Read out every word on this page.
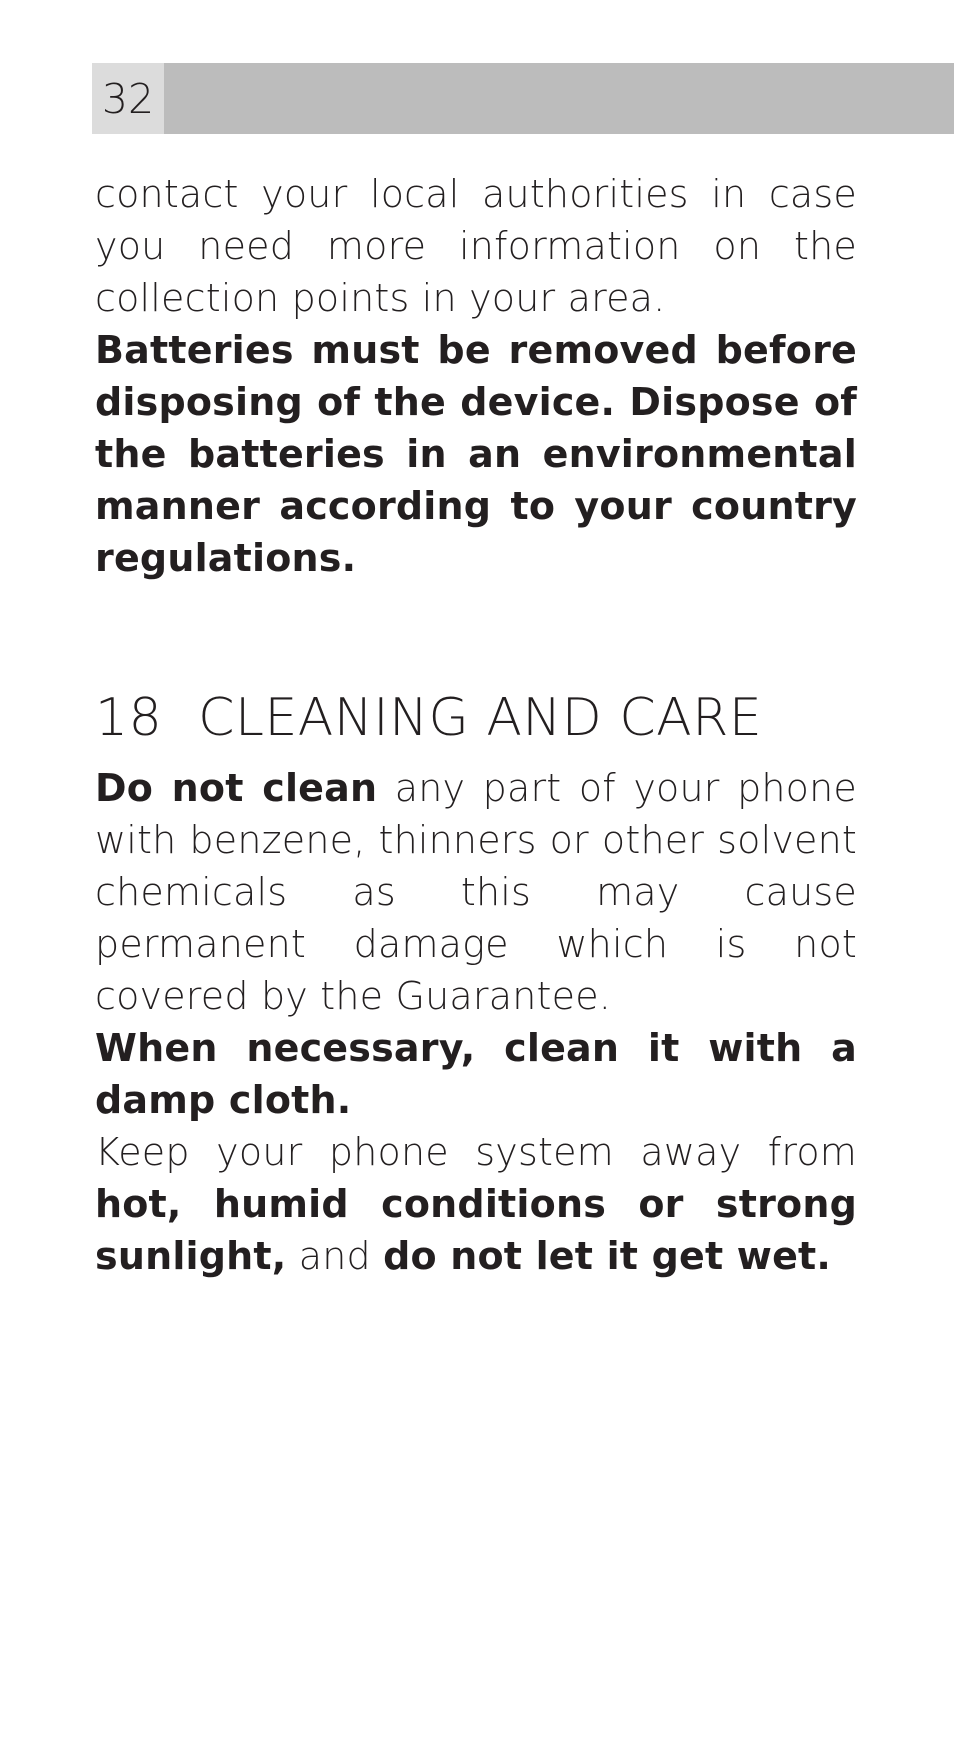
32

contact your local authorities in case you need more information on the collection points in your area.

Batteries must be removed before disposing of the device. Dispose of the batteries in an environmental manner according to your country regulations.

18 CLEANING AND CARE

Do not clean any part of your phone with benzene, thinners or other solvent chemicals as this may cause permanent damage which is not covered by the Guarantee.

When necessary, clean it with a damp cloth.

Keep your phone system away from hot, humid conditions or strong sunlight, and do not let it get wet.
